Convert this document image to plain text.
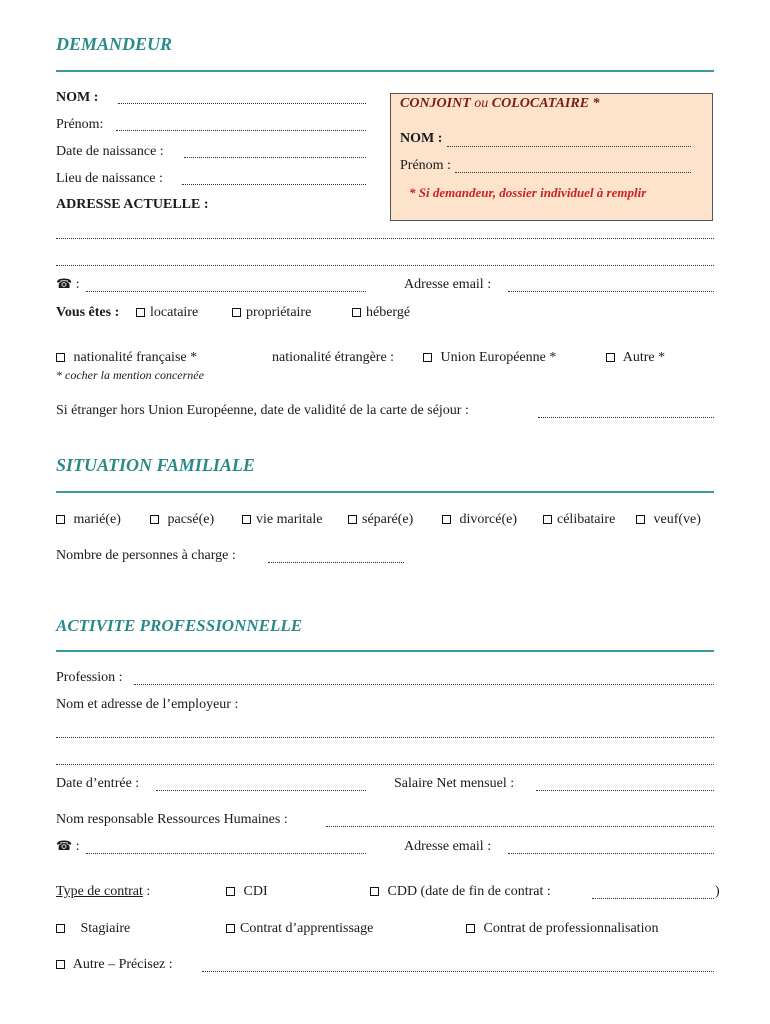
DEMANDEUR
NOM :
Prénom:
Date de naissance :
Lieu de naissance :
ADRESSE ACTUELLE :
CONJOINT ou COLOCATAIRE *
NOM :
Prénom :
* Si demandeur, dossier individuel à remplir
☎ :	Adresse email :
Vous êtes :	locataire	propriétaire	hébergé
nationalité française *	nationalité étrangère :	Union Européenne *	Autre *
* cocher la mention concernée
Si étranger hors Union Européenne, date de validité de la carte de séjour :
SITUATION FAMILIALE
marié(e)	pacsé(e)	vie maritale	séparé(e)	divorcé(e)	célibataire	veuf(ve)
Nombre de personnes à charge :
ACTIVITE PROFESSIONNELLE
Profession :
Nom et adresse de l’employeur :
Date d’entrée :	Salaire Net mensuel :
Nom responsable Ressources Humaines :
☎ :	Adresse email :
Type de contrat :	CDI	CDD (date de fin de contrat :	)
Stagiaire	Contrat d’apprentissage	Contrat de professionnalisation
Autre – Précisez :
